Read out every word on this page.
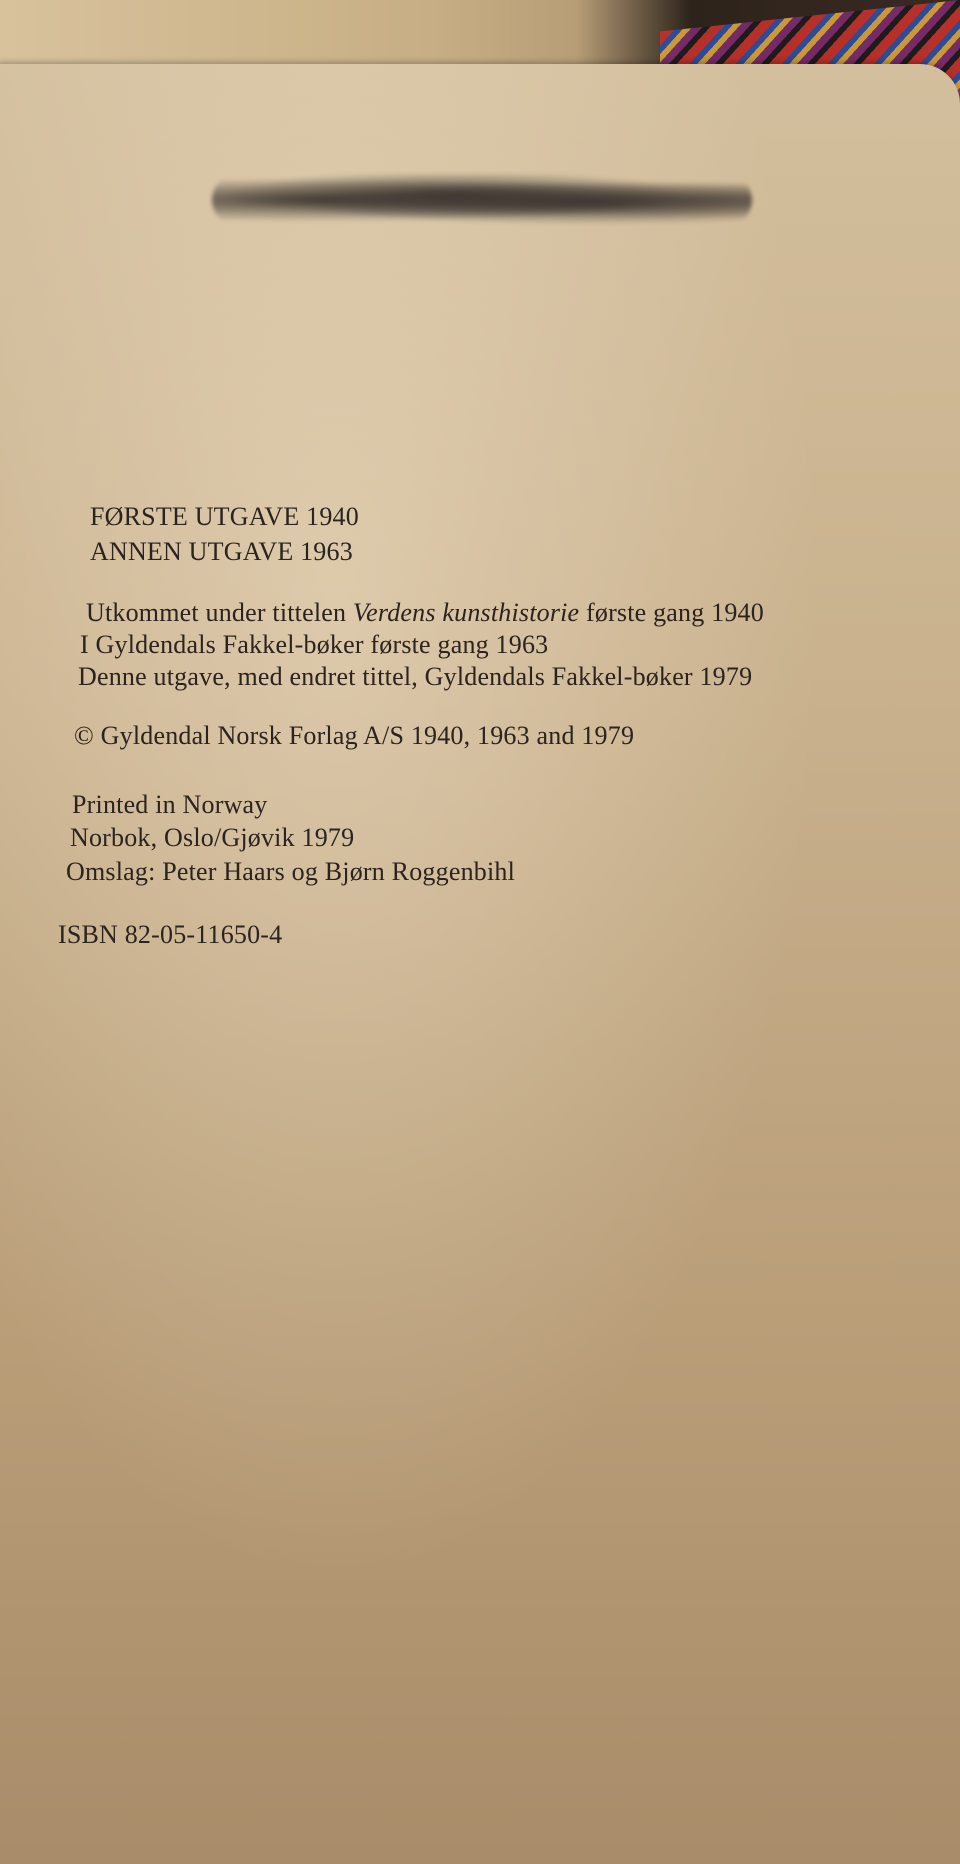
FØRSTE UTGAVE 1940
ANNEN UTGAVE 1963
Utkommet under tittelen Verdens kunsthistorie første gang 1940
I Gyldendals Fakkel-bøker første gang 1963
Denne utgave, med endret tittel, Gyldendals Fakkel-bøker 1979
© Gyldendal Norsk Forlag A/S 1940, 1963 and 1979
Printed in Norway
Norbok, Oslo/Gjøvik 1979
Omslag: Peter Haars og Bjørn Roggenbihl
ISBN 82-05-11650-4
